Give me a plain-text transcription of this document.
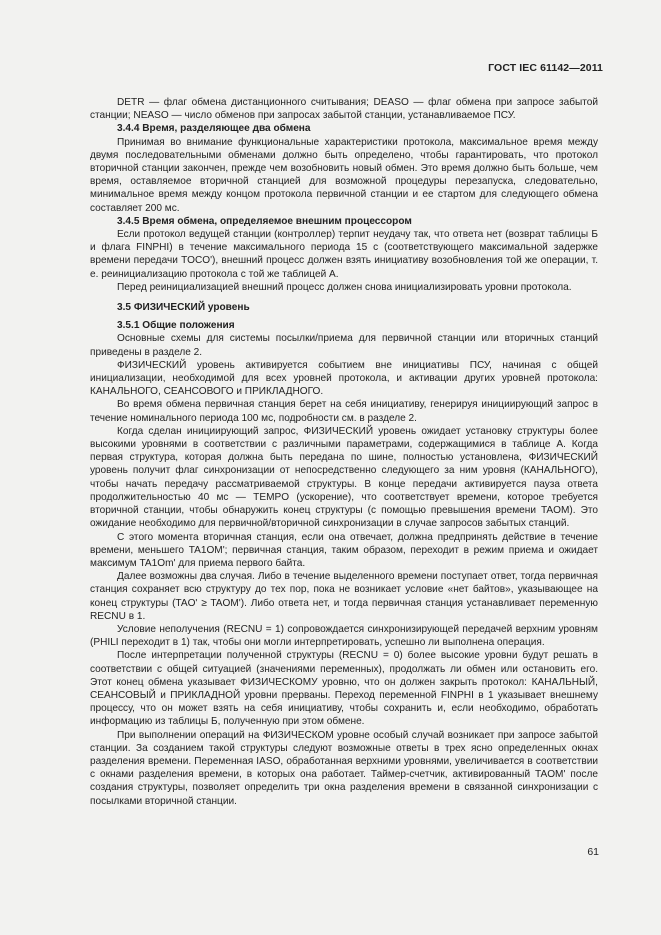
ГОСТ IEC 61142—2011

DETR — флаг обмена дистанционного считывания; DEASO — флаг обмена при запросе забытой станции; NEASO — число обменов при запросах забытой станции, устанавливаемое ПСУ.

3.4.4 Время, разделяющее два обмена

Принимая во внимание функциональные характеристики протокола, максимальное время между двумя последовательными обменами должно быть определено, чтобы гарантировать, что протокол вторичной станции закончен, прежде чем возобновить новый обмен. Это время должно быть больше, чем время, оставляемое вторичной станцией для возможной процедуры перезапуска, следовательно, минимальное время между концом протокола первичной станции и ее стартом для следующего обмена составляет 200 мс.

3.4.5 Время обмена, определяемое внешним процессором

Если протокол ведущей станции (контроллер) терпит неудачу так, что ответа нет (возврат таблицы Б и флага FINPHI) в течение максимального периода 15 с (соответствующего максимальной задержке времени передачи TOCO'), внешний процесс должен взять инициативу возобновления той же операции, т. е. реинициализацию протокола с той же таблицей А.

Перед реинициализацией внешний процесс должен снова инициализировать уровни протокола.

3.5 ФИЗИЧЕСКИЙ уровень

3.5.1 Общие положения

Основные схемы для системы посылки/приема для первичной станции или вторичных станций приведены в разделе 2.

ФИЗИЧЕСКИЙ уровень активируется событием вне инициативы ПСУ, начиная с общей инициализации, необходимой для всех уровней протокола, и активации других уровней протокола: КАНАЛЬНОГО, СЕАНСОВОГО и ПРИКЛАДНОГО.

Во время обмена первичная станция берет на себя инициативу, генерируя инициирующий запрос в течение номинального периода 100 мс, подробности см. в разделе 2.

Когда сделан инициирующий запрос, ФИЗИЧЕСКИЙ уровень ожидает установку структуры более высокими уровнями в соответствии с различными параметрами, содержащимися в таблице А. Когда первая структура, которая должна быть передана по шине, полностью установлена, ФИЗИЧЕСКИЙ уровень получит флаг синхронизации от непосредственно следующего за ним уровня (КАНАЛЬНОГО), чтобы начать передачу рассматриваемой структуры. В конце передачи активируется пауза ответа продолжительностью 40 мс — TEMPO (ускорение), что соответствует времени, которое требуется вторичной станции, чтобы обнаружить конец структуры (с помощью превышения времени TAOM). Это ожидание необходимо для первичной/вторичной синхронизации в случае запросов забытых станций.

С этого момента вторичная станция, если она отвечает, должна предпринять действие в течение времени, меньшего TA1OM'; первичная станция, таким образом, переходит в режим приема и ожидает максимум TA1Om' для приема первого байта.

Далее возможны два случая. Либо в течение выделенного времени поступает ответ, тогда первичная станция сохраняет всю структуру до тех пор, пока не возникает условие «нет байтов», указывающее на конец структуры (TAO' ≥ TAOM'). Либо ответа нет, и тогда первичная станция устанавливает переменную RECNU в 1.

Условие неполучения (RECNU = 1) сопровождается синхронизирующей передачей верхним уровням (PHILI переходит в 1) так, чтобы они могли интерпретировать, успешно ли выполнена операция.

После интерпретации полученной структуры (RECNU = 0) более высокие уровни будут решать в соответствии с общей ситуацией (значениями переменных), продолжать ли обмен или остановить его. Этот конец обмена указывает ФИЗИЧЕСКОМУ уровню, что он должен закрыть протокол: КАНАЛЬНЫЙ, СЕАНСОВЫЙ и ПРИКЛАДНОЙ уровни прерваны. Переход переменной FINPHI в 1 указывает внешнему процессу, что он может взять на себя инициативу, чтобы сохранить и, если необходимо, обработать информацию из таблицы Б, полученную при этом обмене.

При выполнении операций на ФИЗИЧЕСКОМ уровне особый случай возникает при запросе забытой станции. За созданием такой структуры следуют возможные ответы в трех ясно определенных окнах разделения времени. Переменная IASO, обработанная верхними уровнями, увеличивается в соответствии с окнами разделения времени, в которых она работает. Таймер-счетчик, активированный TAOM' после создания структуры, позволяет определить три окна разделения времени в связанной синхронизации с посылками вторичной станции.

61
